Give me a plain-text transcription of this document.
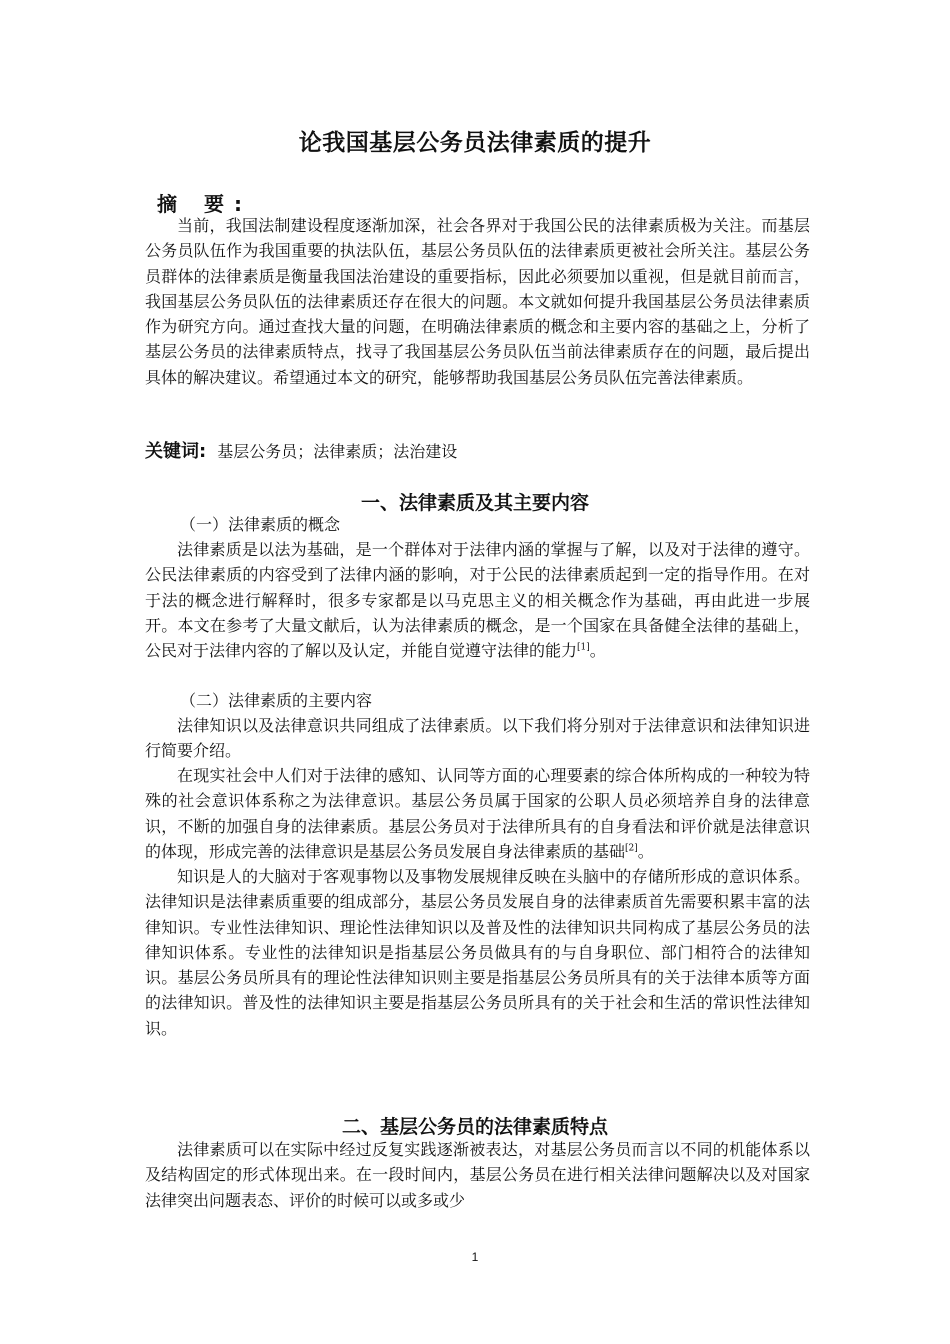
论我国基层公务员法律素质的提升
摘 要:
当前，我国法制建设程度逐渐加深，社会各界对于我国公民的法律素质极为关注。而基层公务员队伍作为我国重要的执法队伍，基层公务员队伍的法律素质更被社会所关注。基层公务员群体的法律素质是衡量我国法治建设的重要指标，因此必须要加以重视，但是就目前而言，我国基层公务员队伍的法律素质还存在很大的问题。本文就如何提升我国基层公务员法律素质作为研究方向。通过查找大量的问题，在明确法律素质的概念和主要内容的基础之上，分析了基层公务员的法律素质特点，找寻了我国基层公务员队伍当前法律素质存在的问题，最后提出具体的解决建议。希望通过本文的研究，能够帮助我国基层公务员队伍完善法律素质。
关键词: 基层公务员；法律素质；法治建设
一、法律素质及其主要内容
（一）法律素质的概念
法律素质是以法为基础，是一个群体对于法律内涵的掌握与了解，以及对于法律的遵守。公民法律素质的内容受到了法律内涵的影响，对于公民的法律素质起到一定的指导作用。在对于法的概念进行解释时，很多专家都是以马克思主义的相关概念作为基础，再由此进一步展开。本文在参考了大量文献后，认为法律素质的概念，是一个国家在具备健全法律的基础上，公民对于法律内容的了解以及认定，并能自觉遵守法律的能力[1]。
（二）法律素质的主要内容
法律知识以及法律意识共同组成了法律素质。以下我们将分别对于法律意识和法律知识进行简要介绍。
在现实社会中人们对于法律的感知、认同等方面的心理要素的综合体所构成的一种较为特殊的社会意识体系称之为法律意识。基层公务员属于国家的公职人员必须培养自身的法律意识，不断的加强自身的法律素质。基层公务员对于法律所具有的自身看法和评价就是法律意识的体现，形成完善的法律意识是基层公务员发展自身法律素质的基础[2]。
知识是人的大脑对于客观事物以及事物发展规律反映在头脑中的存储所形成的意识体系。法律知识是法律素质重要的组成部分，基层公务员发展自身的法律素质首先需要积累丰富的法律知识。专业性法律知识、理论性法律知识以及普及性的法律知识共同构成了基层公务员的法律知识体系。专业性的法律知识是指基层公务员做具有的与自身职位、部门相符合的法律知识。基层公务员所具有的理论性法律知识则主要是指基层公务员所具有的关于法律本质等方面的法律知识。普及性的法律知识主要是指基层公务员所具有的关于社会和生活的常识性法律知识。
二、基层公务员的法律素质特点
法律素质可以在实际中经过反复实践逐渐被表达，对基层公务员而言以不同的机能体系以及结构固定的形式体现出来。在一段时间内，基层公务员在进行相关法律问题解决以及对国家法律突出问题表态、评价的时候可以或多或少
1
